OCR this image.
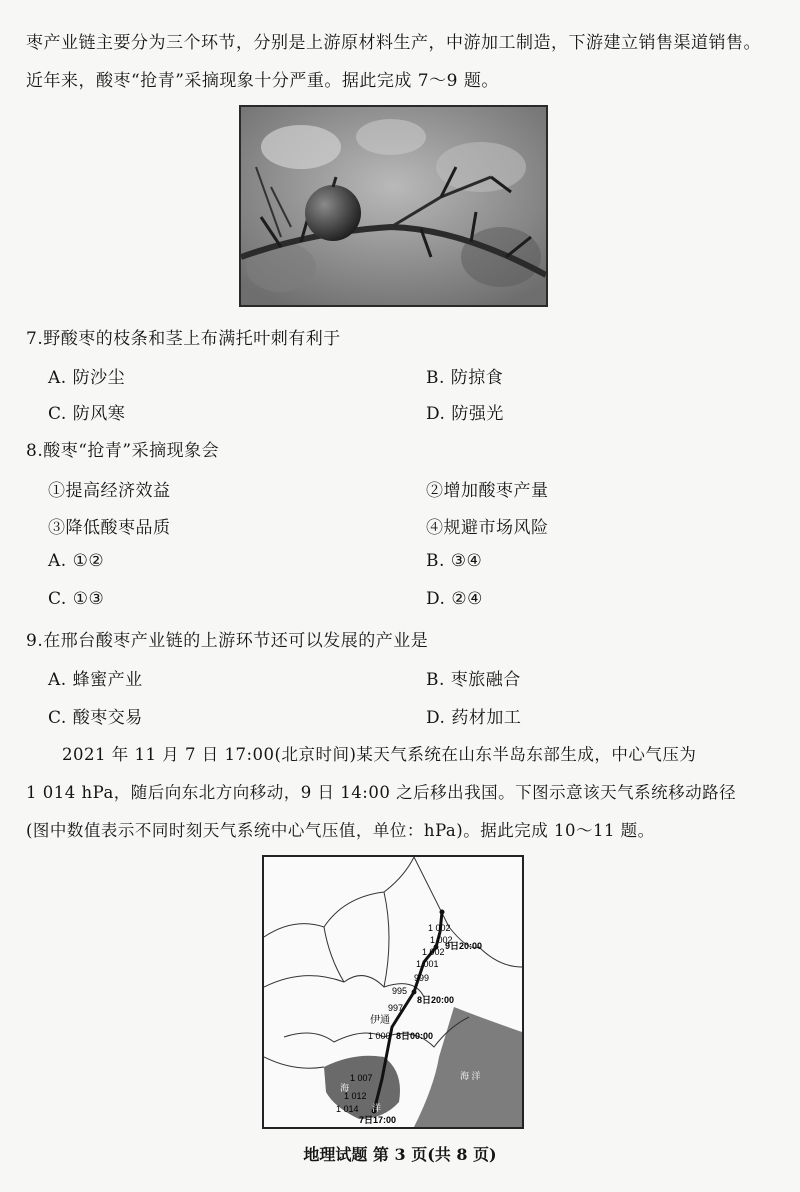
枣产业链主要分为三个环节，分别是上游原材料生产，中游加工制造，下游建立销售渠道销售。
近年来，酸枣“抢青”采摘现象十分严重。据此完成 7～9 题。
7.野酸枣的枝条和茎上布满托叶刺有利于
A. 防沙尘	B. 防掠食
C. 防风寒	D. 防强光
8.酸枣“抢青”采摘现象会
①提高经济效益	②增加酸枣产量
③降低酸枣品质	④规避市场风险
A. ①②	B. ③④
C. ①③	D. ②④
9.在邢台酸枣产业链的上游环节还可以发展的产业是
A. 蜂蜜产业	B. 枣旅融合
C. 酸枣交易	D. 药材加工
2021 年 11 月 7 日 17:00(北京时间)某天气系统在山东半岛东部生成，中心气压为
1 014 hPa，随后向东北方向移动，9 日 14:00 之后移出我国。下图示意该天气系统移动路径
(图中数值表示不同时刻天气系统中心气压值，单位：hPa)。据此完成 10～11 题。
1 002
1 002
1 002
1 001
999
995
997
1 000
1 007
1 012
1 014
9日20:00
8日20:00
8日00:00
7日17:00
伊通
海
洋
海 洋
地理试题 第 3 页(共 8 页)
